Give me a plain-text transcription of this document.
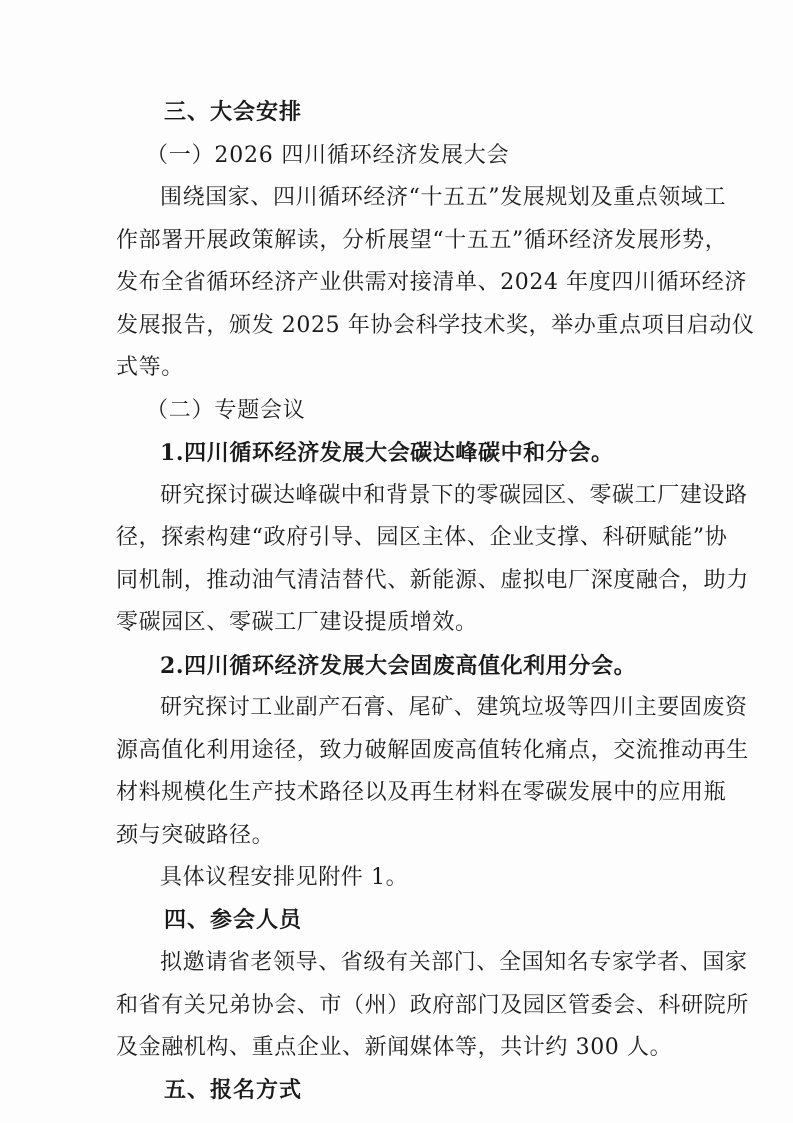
三、大会安排
（一）2026 四川循环经济发展大会
围绕国家、四川循环经济“十五五”发展规划及重点领域工
作部署开展政策解读，分析展望“十五五”循环经济发展形势，
发布全省循环经济产业供需对接清单、2024 年度四川循环经济
发展报告，颁发 2025 年协会科学技术奖，举办重点项目启动仪
式等。
（二）专题会议
1.四川循环经济发展大会碳达峰碳中和分会。
研究探讨碳达峰碳中和背景下的零碳园区、零碳工厂建设路
径，探索构建“政府引导、园区主体、企业支撑、科研赋能”协
同机制，推动油气清洁替代、新能源、虚拟电厂深度融合，助力
零碳园区、零碳工厂建设提质增效。
2.四川循环经济发展大会固废高值化利用分会。
研究探讨工业副产石膏、尾矿、建筑垃圾等四川主要固废资
源高值化利用途径，致力破解固废高值转化痛点，交流推动再生
材料规模化生产技术路径以及再生材料在零碳发展中的应用瓶
颈与突破路径。
具体议程安排见附件 1。
四、参会人员
拟邀请省老领导、省级有关部门、全国知名专家学者、国家
和省有关兄弟协会、市（州）政府部门及园区管委会、科研院所
及金融机构、重点企业、新闻媒体等，共计约 300 人。
五、报名方式
